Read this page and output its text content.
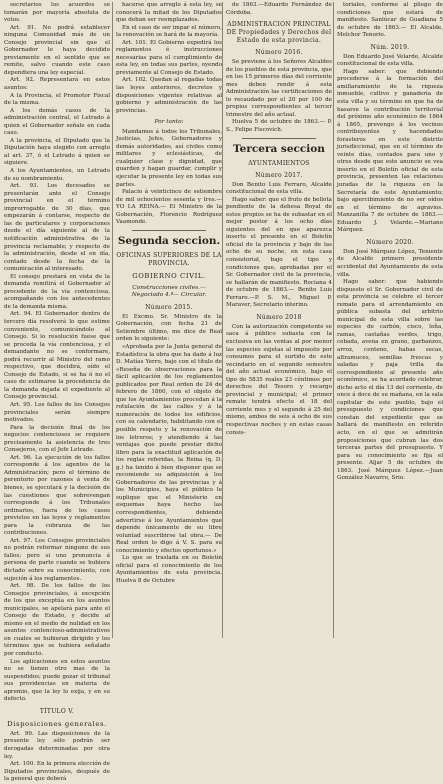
secretarios los acuerdos se tomarán por mayoría absoluta de votos.

Art. 91. No podrá establecer ninguna Comunidad más de un Consejo provincial sin que el Gobernador lo haya decidido previamente en el sentido que se remite, salvo cuando este caso dependiera una ley especial.

Art. 92. Representará en estos asuntos:

A la Provincia, el Promotor Fiscal de la misma.

A los demás casos de la administración central, el Letrado á quien el Gobernador señale en cada caso.

A la provincia, el Diputado que la Diputación haya elegido con arreglo al art. 37, ó el Letrado á quien se siguiere.

A los Ayuntamientos, un Letrado de su nombramiento.

Art. 93. Los decesados se presentarán ante el Consejo provincial en el término improrrogable de 30 días, que empezarán á contarse, respecto de las de particulares y corporaciones desde el día siguiente al de la notificación administrativa de la provincia reclamable; y respecto de la administración, desde el en día, contado desde la fecha de la comunicación al interesado.

El consejo prestará en vista de la demanda remitirá el Gobernador al procedente de la vía contenciosa, acompañando con los antecedentes de la demanda misma.

Art. 94. El Gobernador dentro de tercero día resolverá lo que estime conveniente, comunicándolo al Consejo. Si lo resolución fuese que se proceda la vía contenciosa, y el demandante no se conformare, podrá recurrir al Ministro del ramo respectivo, que decidirá, oído el Consejo de Estado, si se ha ó no el caso de estimarse la procedencia de la demanda dejada el expediente al Consejo provincial.

Art. 95. Los fallos de los Consejos provinciales serán siempre motivados.

Para la decisión final de los negocios contenciosos se requiere precisamente la asistencia de tres Consejeros, con el Jefe Letrado.

Art. 96. La ejecución de los fallos corresponde á los agentes de la Administración; pero el término de perentorio por razones á venta de bienes, se ejecutará y la decisión de las cuestiones que sobrevengan corresponde á los Tribunales ordinarios, fuera de los casos previstos en las leyes y reglamentos para la cobranza de las contribuciones.

Art. 97. Los Consejos provinciales no podrán reformar ninguno de sus fallos; pero si uno pronuncia á persona de parte cuando se hubiera dictado sobre su conocimiento, con sujeción á los reglamentos.

Art. 98. De los fallos de los Consejos provinciales, á excepción de los que exceptúa en los asuntos municipales, se apelará para ante el Consejo de Estado, y decide al mismo en el medio de nulidad en los asuntos contencioso-administrativos en cuales se hubieran dirigido y los términos que se hubiera señalado por conducto.

Los aplicaciones en estos asuntos no se tienen otro mas de la suspendidos; puede gozar el tribunal sus providencias en materia de apremio, que la ley lo exija, y en su defecto.

TÍTULO V.

Disposiciones generales.

Art. 99. Las disposiciones de la presente ley sólo podrán ser derogadas determinadas por otra ley.

Art. 100. En la primera elección de Diputados provinciales, después de la general que deberá

hacerse que arreglo á esta ley, se conocerá la mitad de los Diputados que deban ser reemplazados.

En el caso de ser impar el número, la renovación se hará de la mayoría.

Art. 101. El Gobierno expedirá los reglamentos é instrucciones necesarias para el cumplimiento de esta ley, en todas sus partes, oyendo previamente al Consejo de Estado.

Art. 102. Quedan al regadas todas las leyes anteriores, decretos y disposiciones vigentes relativas al gobierno y administración de las provincias.

Por tanto:

Mandamos á todos los Tribunales, Justicias, Jefes, Gobernadores y demás autoridades, así civiles como militares y eclesiásticas, de cualquier clase y dignidad, que guarden y hagan guardar, cumplir y ejecutar la presente ley en todas sus partes.

Palacio á veinticinco de setiembre de mil ochocientos sesenta y tres.— YO LA REINA.— El Ministro de la Gobernación, Florencio Rodríguez Vaamonde.

Segunda seccion.

OFICINAS SUPERIORES DE LA PROVINCIA.

GOBIERNO CIVIL.

Construcciones civiles.— Negociado 4.º— Circular.

Número 2015.

El Excmo. Sr. Ministro de la Gobernación, con fecha 21 de Setiembre último, me dice de Real orden lo siguiente:

«Aprobada por la Junta general de Estadística la obra que ha dado á luz D. Matías Yerro, bajo con el título de «Reseña de observaciones para la fácil aplicación de los reglamentos publicados por Real orden de 24 de febrero de 1860, con el objeto de que los Ayuntamientos procedan á la rotulación de las calles y á la numeración de todos los edificios, con su calendario, habilitando con el posible respeto y la renovación de los letreros; y atendiendo á las ventajas que puede prestar dicho libro para la exactitud aplicación de los reglas referidas, la Reina (q. D. g.) ha tenido á bien disponer que se recomiende su adquisición á los Gobernadores de las provincias y á los Municipios, haya el público le suplique que el Ministerio en esquemas haya hecho las correspondientes, debiendo advertirse á los Ayuntamientos que depende únicamente de su libre voluntad suscribirse tal obra.— De Real orden lo digo á V. S. para su conocimiento y efectos oportunos.»

Lo que se traslada en su Boletín oficial para el conocimiento de los Ayuntamientos de esta provincia. Huelva 8 de Octubre

de 1863.—Eduardo Fernández de Córdoba.

ADMINISTRACION PRINCIPAL DE Propiedades y Derechos del Estado de esta provincia.

Número 2016.

Se previene á los Señores Alcaldes de los pueblos de esta provincia, que en los 15 primeros días del corriente mes deben rendir á esta Administración las certificaciones de lo recaudado por el 20 por 100 de propios correspondientes al tercer trimestre del año actual.

Huelva 5 de octubre de 1863.— P. S., Felipe Fiscovich.

Tercera seccion

AYUNTAMIENTOS

Número 2017.

Don Benito Luis Ferraro, Alcalde constitucional de esta villa.

Hago saber: que el fruto de bellota pendiente de la dehesa Boyal de estos propios se ha de subastar en el mejor postor á los ocho días siguientes del en que aparezca inserto el presente en el Boletín oficial de la provincia y bajo de las ocho de su noche, en esta casa consistorial, bajo el tipo y condiciones que, aprobadas por el Sr. Gobernador civil de la provincia, se hallarán de manifiesto. Rociana 4 de octubre de 1863.— Benito Luis Ferraro.—P. S. M., Miguel P. Maraver, Secretario interino.

Número 2018

Con la autorización competente se saca á público subasta con la exclusiva en las ventas al por menor las especies sujetas al impuesto por consumos para el surtido de este vecindario en el segundo semestre del año actual económico, bajo el tipo de 5835 reales 23 céntimos por derechos del Tesoro y recargo provincial y municipal; el primer remate tendrá efecto el 18 del corriente mes y el segundo á 25 del mismo, ambos de seis á ocho de sus respectivas noches y en estas casas consis-

toriales, conforme al pliego de condiciones que estará de manifiesto. Sanlúcar de Guadiana 5 de octubre de 1863.— El Alcalde, Melchor Tenorio.

Núm. 2019.

Don Eduardo José Velarde, Alcalde constitucional de esta villa.

Hago saber: que debiendo procederse á la formación del amillaramiento de la riqueza inmueble, cultivo y ganadería de esta villa y su término en que ha de basarse la contribución territorial del próximo año económico de 1864 á 1865, prevengo á los vecinos contribuyentes y hacendados forasteros en este distrito jurisdiccional, que en el término de veinte días, contados para uno y otros desde que este anuncio se vea inserto en el Boletín oficial de esta provincia, presenten las relaciones juradas de la riqueza en la Secretaría de este Ayuntamiento; bajo apercibimiento de no ser oídos en el término de agravios. Manzanilla 7 de octubre de 1863.— Eduardo J. Velarde.—Mariano Márquez.

Número 2020.

Don José Márquez López, Teniente de Alcalde primero presidente accidental del Ayuntamiento de esta villa.

Hago saber: que habiendo dispuesto el Sr. Gobernador civil de esta provincia se celebre el tercer remate para el arrendamiento en pública subasta del arbitrio municipal de esta villa sobre las especies de carbón, cisco, leña, ramas, castañas verdes, trigo, cebada, avena en grano, garbanzos, arroz, centeno, habas secas, altramuces, semillas frescas y saladas y paja trilla da correspondiente al presente año económico, se ha acordado celebrar, dicho acto el día 13 del corriente, de once á doce de su mañana, en la sala capitular de este pueblo, bajo el presupuesto y condiciones que constan del expediente que se hallará de manifiesto en referido acto, en el que se admitirán proposiciones que cubran las dos terceras partes del presupuesto. Y para su conocimiento se fija el presente. Aljar 5 de octubre de 1863. José Márquez López.—Juan González Navarro, Srio.
